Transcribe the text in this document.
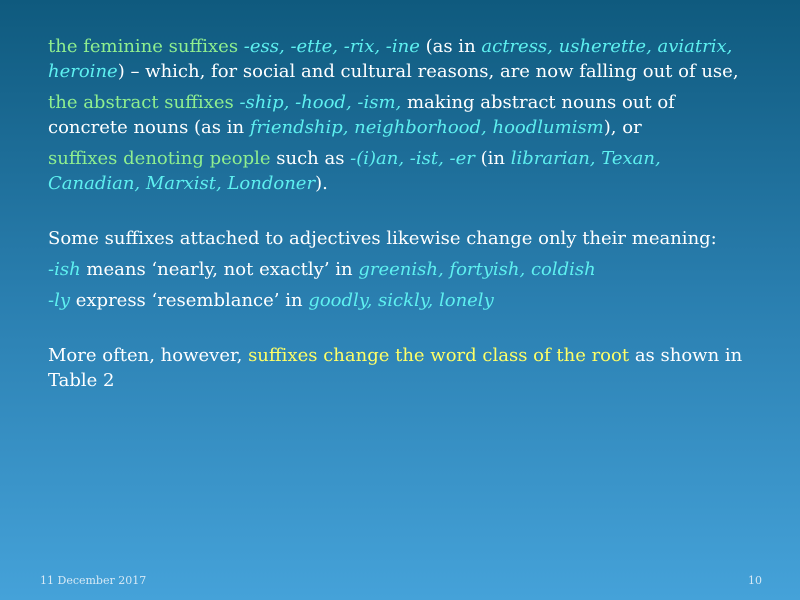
the feminine suffixes -ess, -ette, -rix, -ine (as in actress, usherette, aviatrix, heroine) – which, for social and cultural reasons, are now falling out of use,

the abstract suffixes -ship, -hood, -ism, making abstract nouns out of concrete nouns (as in friendship, neighborhood, hoodlumism), or

suffixes denoting people such as -(i)an, -ist, -er (in librarian, Texan, Canadian, Marxist, Londoner).

Some suffixes attached to adjectives likewise change only their meaning:

-ish means ‘nearly, not exactly’ in greenish, fortyish, coldish

-ly express ‘resemblance’ in goodly, sickly, lonely

More often, however, suffixes change the word class of the root as shown in Table 2

11 December 2017	10
